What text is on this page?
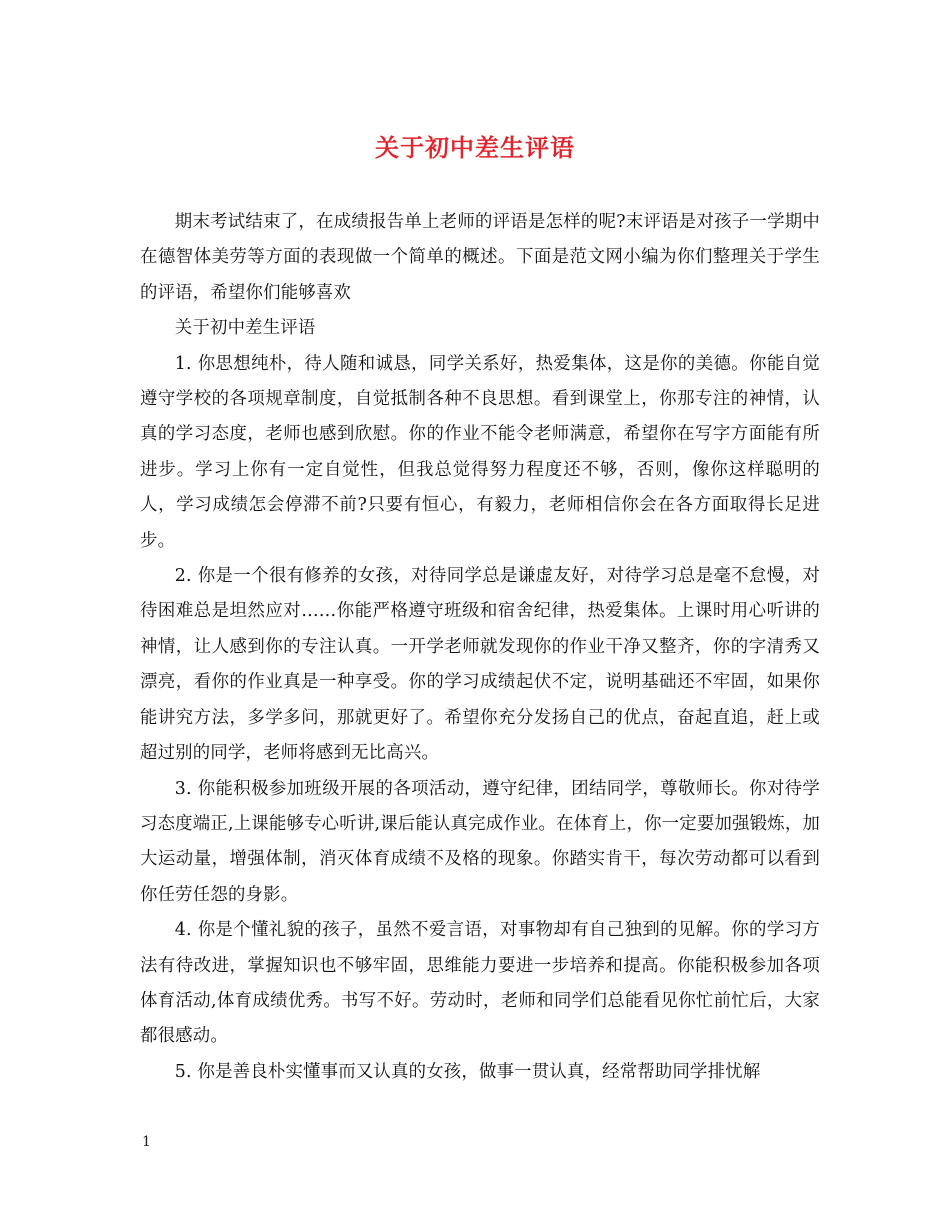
关于初中差生评语

期末考试结束了，在成绩报告单上老师的评语是怎样的呢?末评语是对孩子一学期中在德智体美劳等方面的表现做一个简单的概述。下面是范文网小编为你们整理关于学生的评语，希望你们能够喜欢

关于初中差生评语

1. 你思想纯朴，待人随和诚恳，同学关系好，热爱集体，这是你的美德。你能自觉遵守学校的各项规章制度，自觉抵制各种不良思想。看到课堂上，你那专注的神情，认真的学习态度，老师也感到欣慰。你的作业不能令老师满意，希望你在写字方面能有所进步。学习上你有一定自觉性，但我总觉得努力程度还不够，否则，像你这样聪明的人，学习成绩怎会停滞不前?只要有恒心，有毅力，老师相信你会在各方面取得长足进步。

2. 你是一个很有修养的女孩，对待同学总是谦虚友好，对待学习总是毫不怠慢，对待困难总是坦然应对……你能严格遵守班级和宿舍纪律，热爱集体。上课时用心听讲的神情，让人感到你的专注认真。一开学老师就发现你的作业干净又整齐，你的字清秀又漂亮，看你的作业真是一种享受。你的学习成绩起伏不定，说明基础还不牢固，如果你能讲究方法，多学多问，那就更好了。希望你充分发扬自己的优点，奋起直追，赶上或超过别的同学，老师将感到无比高兴。

3. 你能积极参加班级开展的各项活动，遵守纪律，团结同学，尊敬师长。你对待学习态度端正,上课能够专心听讲,课后能认真完成作业。在体育上，你一定要加强锻炼，加大运动量，增强体制，消灭体育成绩不及格的现象。你踏实肯干，每次劳动都可以看到你任劳任怨的身影。

4. 你是个懂礼貌的孩子，虽然不爱言语，对事物却有自己独到的见解。你的学习方法有待改进，掌握知识也不够牢固，思维能力要进一步培养和提高。你能积极参加各项体育活动,体育成绩优秀。书写不好。劳动时，老师和同学们总能看见你忙前忙后，大家都很感动。

5. 你是善良朴实懂事而又认真的女孩，做事一贯认真，经常帮助同学排忧解

1
